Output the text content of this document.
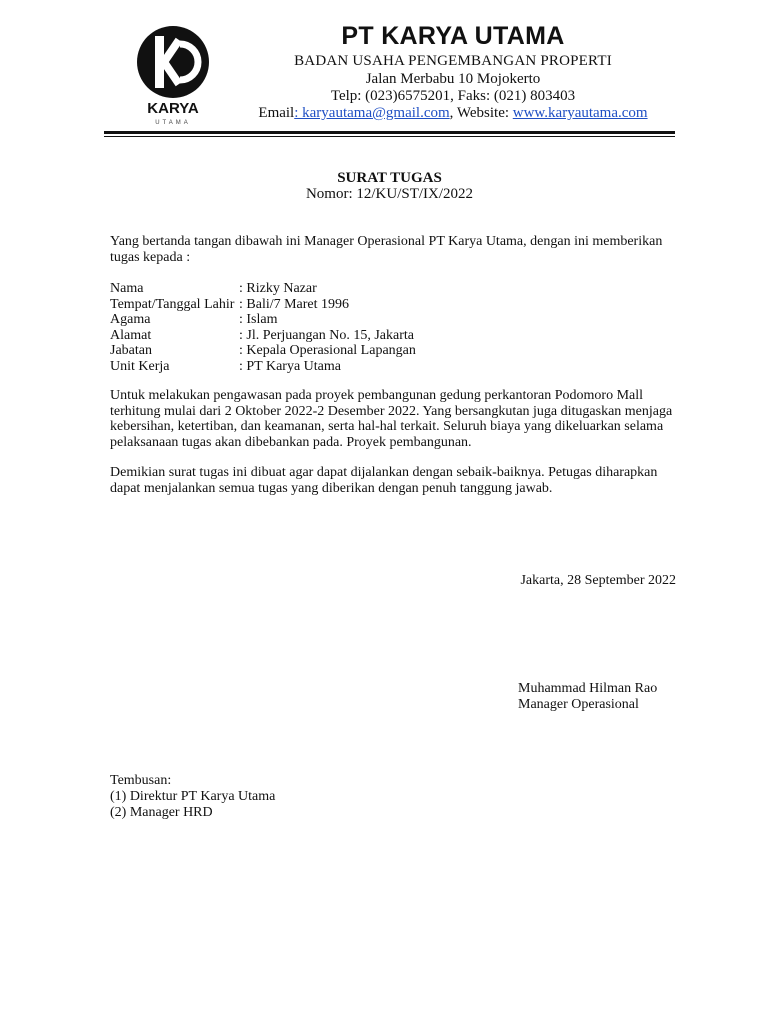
KARYA
UTAMA
PT KARYA UTAMA
BADAN USAHA PENGEMBANGAN PROPERTI
Jalan Merbabu 10 Mojokerto
Telp: (023)6575201, Faks: (021) 803403
Email: karyautama@gmail.com, Website: www.karyautama.com
SURAT TUGAS
Nomor: 12/KU/ST/IX/2022
Yang bertanda tangan dibawah ini Manager Operasional PT Karya Utama, dengan ini memberikan tugas kepada :
Nama	: Rizky Nazar
Tempat/Tanggal Lahir : Bali/7 Maret 1996
Agama	: Islam
Alamat	: Jl. Perjuangan No. 15, Jakarta
Jabatan	: Kepala Operasional Lapangan
Unit Kerja	: PT Karya Utama
Untuk melakukan pengawasan pada proyek pembangunan gedung perkantoran Podomoro Mall terhitung mulai dari 2 Oktober 2022-2 Desember 2022. Yang bersangkutan juga ditugaskan menjaga kebersihan, ketertiban, dan keamanan, serta hal-hal terkait. Seluruh biaya yang dikeluarkan selama pelaksanaan tugas akan dibebankan pada. Proyek pembangunan.
Demikian surat tugas ini dibuat agar dapat dijalankan dengan sebaik-baiknya. Petugas diharapkan dapat menjalankan semua tugas yang diberikan dengan penuh tanggung jawab.
Jakarta, 28 September 2022
Muhammad Hilman Rao
Manager Operasional
Tembusan:
(1) Direktur PT Karya Utama
(2) Manager HRD
